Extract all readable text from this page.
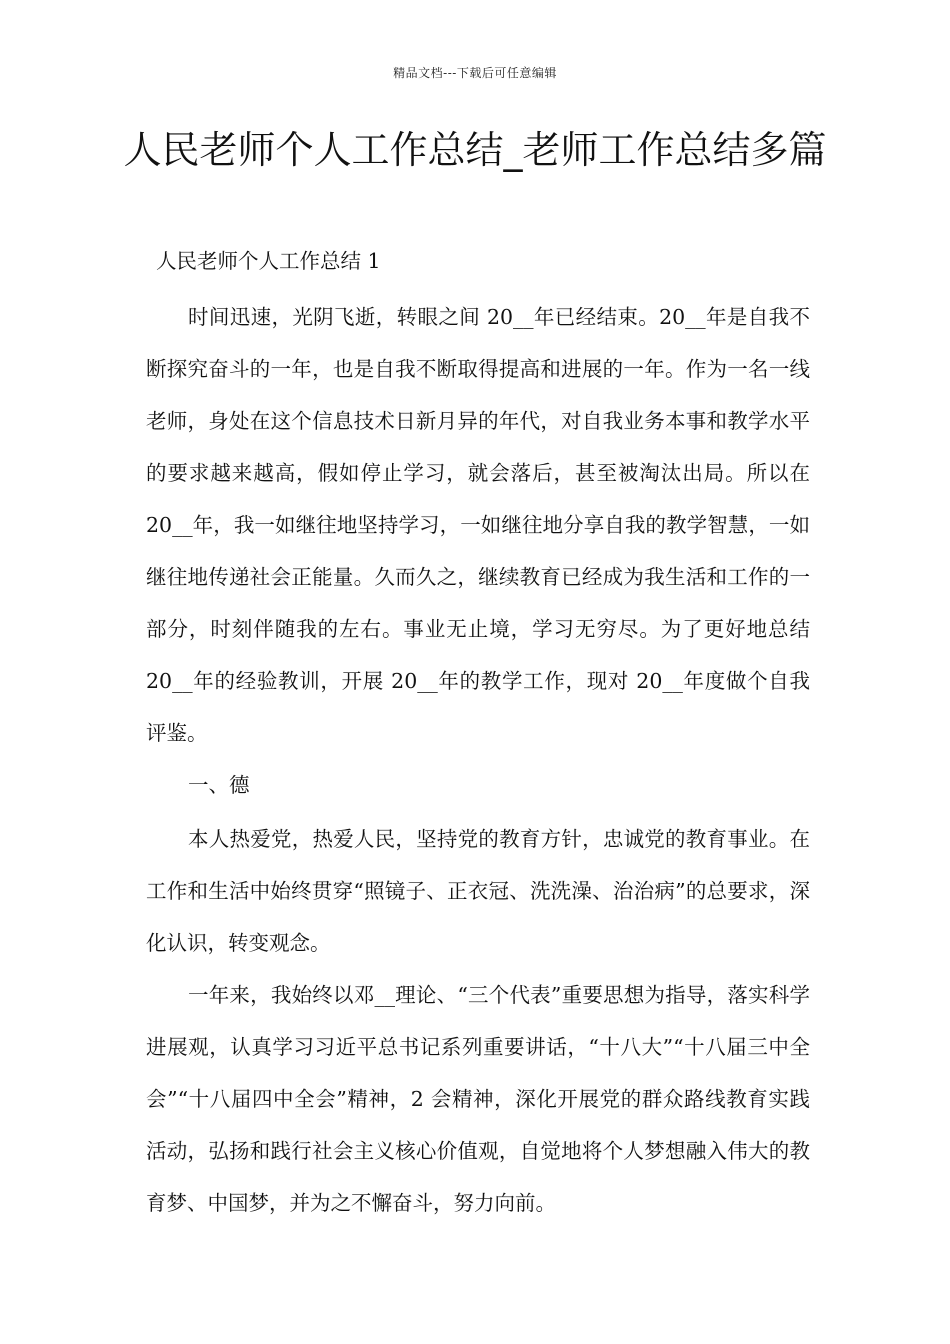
精品文档---下载后可任意编辑
人民老师个人工作总结_老师工作总结多篇

人民老师个人工作总结 1

时间迅速，光阴飞逝，转眼之间 20__年已经结束。20__年是自我不断探究奋斗的一年，也是自我不断取得提高和进展的一年。作为一名一线老师，身处在这个信息技术日新月异的年代，对自我业务本事和教学水平的要求越来越高，假如停止学习，就会落后，甚至被淘汰出局。所以在 20__年，我一如继往地坚持学习，一如继往地分享自我的教学智慧，一如继往地传递社会正能量。久而久之，继续教育已经成为我生活和工作的一部分，时刻伴随我的左右。事业无止境，学习无穷尽。为了更好地总结 20__年的经验教训，开展 20__年的教学工作，现对 20__年度做个自我评鉴。

一、德

本人热爱党，热爱人民，坚持党的教育方针，忠诚党的教育事业。在工作和生活中始终贯穿“照镜子、正衣冠、洗洗澡、治治病”的总要求，深化认识，转变观念。

一年来，我始终以邓__理论、“三个代表”重要思想为指导，落实科学进展观，认真学习习近平总书记系列重要讲话，“十八大”“十八届三中全会”“十八届四中全会”精神，2 会精神，深化开展党的群众路线教育实践活动，弘扬和践行社会主义核心价值观，自觉地将个人梦想融入伟大的教育梦、中国梦，并为之不懈奋斗，努力向前。
